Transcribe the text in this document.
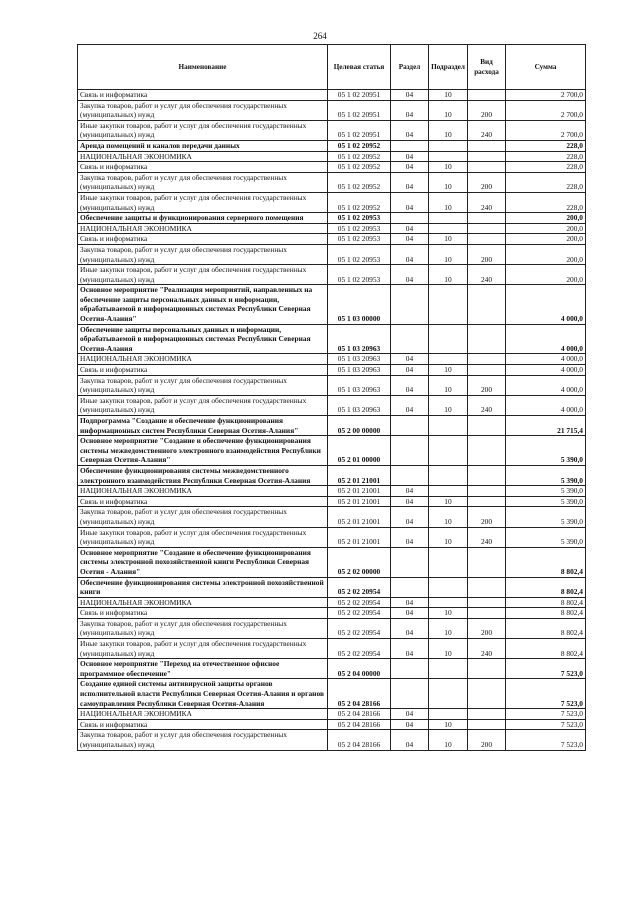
264
Наименование	Целевая статья	Раздел	Подраздел	Вид расхода	Сумма
Связь и информатика	05 1 02 20951	04	10		2 700,0
Закупка товаров, работ и услуг для обеспечения государственных (муниципальных) нужд	05 1 02 20951	04	10	200	2 700,0
Иные закупки товаров, работ и услуг для обеспечения государственных (муниципальных) нужд	05 1 02 20951	04	10	240	2 700,0
Аренда помещений и каналов передачи данных	05 1 02 20952				228,0
НАЦИОНАЛЬНАЯ ЭКОНОМИКА	05 1 02 20952	04			228,0
Связь и информатика	05 1 02 20952	04	10		228,0
Закупка товаров, работ и услуг для обеспечения государственных (муниципальных) нужд	05 1 02 20952	04	10	200	228,0
Иные закупки товаров, работ и услуг для обеспечения государственных (муниципальных) нужд	05 1 02 20952	04	10	240	228,0
Обеспечение защиты и функционирования серверного помещения	05 1 02 20953				200,0
НАЦИОНАЛЬНАЯ ЭКОНОМИКА	05 1 02 20953	04			200,0
Связь и информатика	05 1 02 20953	04	10		200,0
Закупка товаров, работ и услуг для обеспечения государственных (муниципальных) нужд	05 1 02 20953	04	10	200	200,0
Иные закупки товаров, работ и услуг для обеспечения государственных (муниципальных) нужд	05 1 02 20953	04	10	240	200,0
Основное мероприятие "Реализация мероприятий, направленных на обеспечение защиты персональных данных и информации, обрабатываемой в информационных системах Республики Северная Осетия-Алания"	05 1 03 00000				4 000,0
Обеспечение защиты персональных данных и информации, обрабатываемой в информационных системах Республики Северная Осетия-Алания	05 1 03 20963				4 000,0
НАЦИОНАЛЬНАЯ ЭКОНОМИКА	05 1 03 20963	04			4 000,0
Связь и информатика	05 1 03 20963	04	10		4 000,0
Закупка товаров, работ и услуг для обеспечения государственных (муниципальных) нужд	05 1 03 20963	04	10	200	4 000,0
Иные закупки товаров, работ и услуг для обеспечения государственных (муниципальных) нужд	05 1 03 20963	04	10	240	4 000,0
Подпрограмма "Создание и обеспечение функционирования информационных систем Республики Северная Осетия-Алания"	05 2 00 00000				21 715,4
Основное мероприятие "Создание и обеспечение функционирования системы межведомственного электронного взаимодействия Республики Северная Осетия-Алания"	05 2 01 00000				5 390,0
Обеспечение функционирования системы межведомственного электронного взаимодействия Республики Северная Осетия-Алания	05 2 01 21001				5 390,0
НАЦИОНАЛЬНАЯ ЭКОНОМИКА	05 2 01 21001	04			5 390,0
Связь и информатика	05 2 01 21001	04	10		5 390,0
Закупка товаров, работ и услуг для обеспечения государственных (муниципальных) нужд	05 2 01 21001	04	10	200	5 390,0
Иные закупки товаров, работ и услуг для обеспечения государственных (муниципальных) нужд	05 2 01 21001	04	10	240	5 390,0
Основное мероприятие "Создание и обеспечение функционирования системы электронной похозяйственной книги Республики Северная Осетия - Алания"	05 2 02 00000				8 802,4
Обеспечение функционирования системы электронной похозяйственной книги	05 2 02 20954				8 802,4
НАЦИОНАЛЬНАЯ ЭКОНОМИКА	05 2 02 20954	04			8 802,4
Связь и информатика	05 2 02 20954	04	10		8 802,4
Закупка товаров, работ и услуг для обеспечения государственных (муниципальных) нужд	05 2 02 20954	04	10	200	8 802,4
Иные закупки товаров, работ и услуг для обеспечения государственных (муниципальных) нужд	05 2 02 20954	04	10	240	8 802,4
Основное мероприятие "Переход на отечественное офисное программное обеспечение"	05 2 04 00000				7 523,0
Создание единой системы антивирусной защиты органов исполнительной власти Республики Северная Осетия-Алания и органов самоуправления Республики Северная Осетия-Алания	05 2 04 28166				7 523,0
НАЦИОНАЛЬНАЯ ЭКОНОМИКА	05 2 04 28166	04			7 523,0
Связь и информатика	05 2 04 28166	04	10		7 523,0
Закупка товаров, работ и услуг для обеспечения государственных (муниципальных) нужд	05 2 04 28166	04	10	200	7 523,0
